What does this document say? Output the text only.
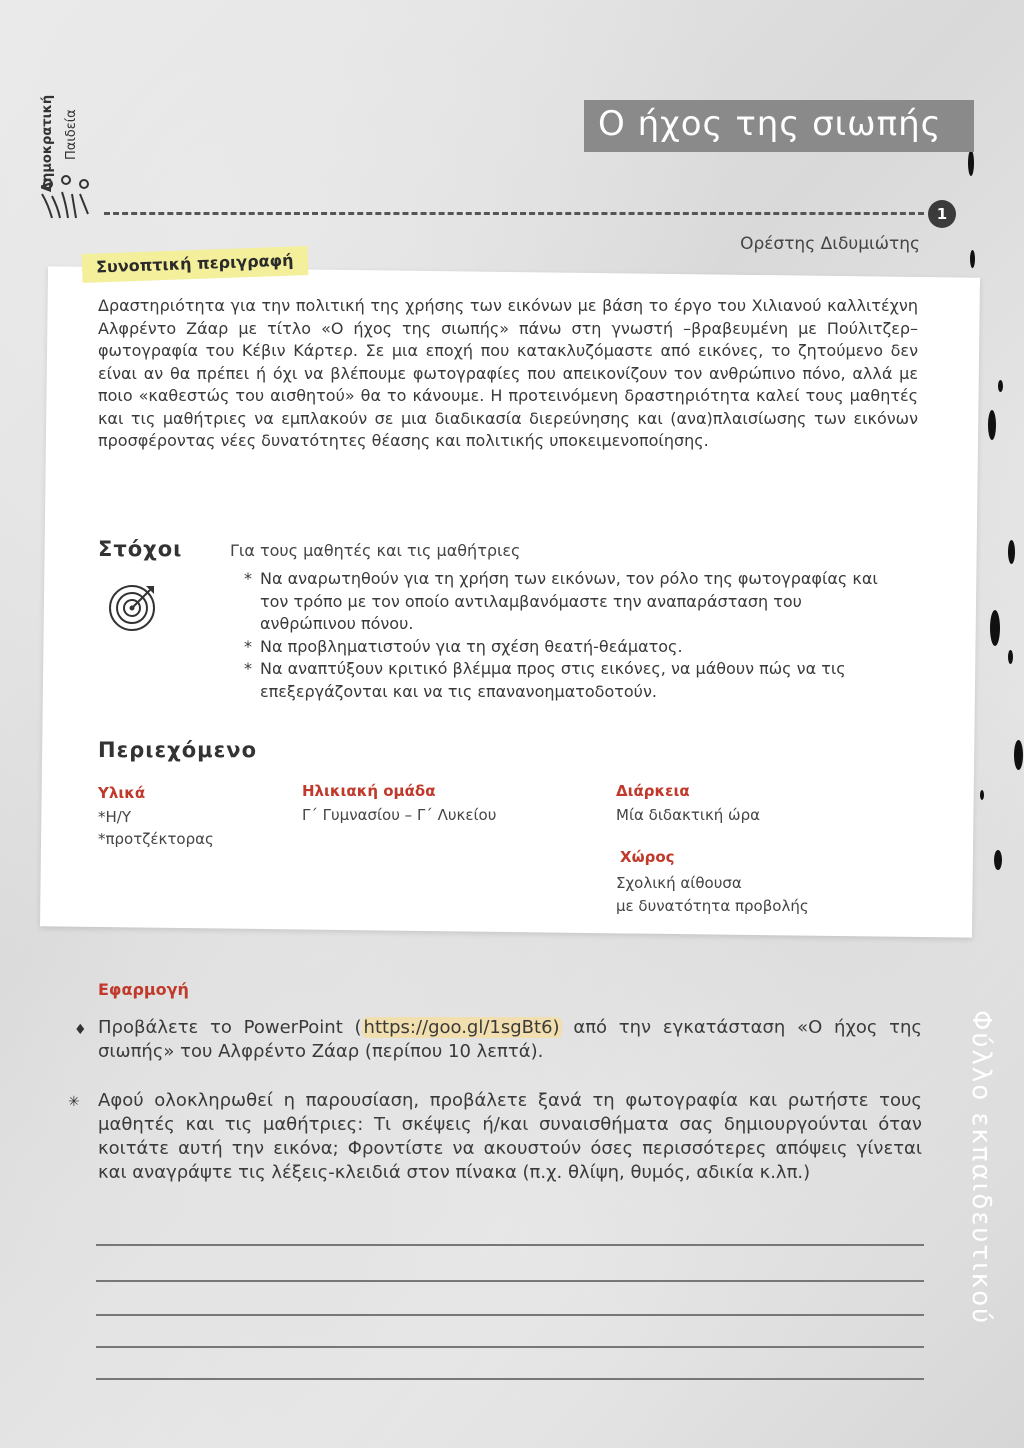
Δημοκρατική Παιδεία	Ο ήχος της σιωπής
1
Ορέστης Διδυμιώτης
Συνοπτική περιγραφή
Δραστηριότητα για την πολιτική της χρήσης των εικόνων με βάση το έργο του Χιλιανού καλλιτέχνη Αλφρέντο Ζάαρ με τίτλο «Ο ήχος της σιωπής» πάνω στη γνωστή –βραβευμένη με Πούλιτζερ– φωτογραφία του Κέβιν Κάρτερ. Σε μια εποχή που κατακλυζόμαστε από εικόνες, το ζητούμενο δεν είναι αν θα πρέπει ή όχι να βλέπουμε φωτογραφίες που απεικονίζουν τον ανθρώπινο πόνο, αλλά με ποιο «καθεστώς του αισθητού» θα το κάνουμε. Η προτεινόμενη δραστηριότητα καλεί τους μαθητές και τις μαθήτριες να εμπλακούν σε μια διαδικασία διερεύνησης και (ανα)πλαισίωσης των εικόνων προσφέροντας νέες δυνατότητες θέασης και πολιτικής υποκειμενοποίησης.
Στόχοι	Για τους μαθητές και τις μαθήτριες
* Να αναρωτηθούν για τη χρήση των εικόνων, τον ρόλο της φωτογραφίας και τον τρόπο με τον οποίο αντιλαμβανόμαστε την αναπαράσταση του ανθρώπινου πόνου.
* Να προβληματιστούν για τη σχέση θεατή-θεάματος.
* Να αναπτύξουν κριτικό βλέμμα προς στις εικόνες, να μάθουν πώς να τις επεξεργάζονται και να τις επανανοηματοδοτούν.
Περιεχόμενο
Υλικά
*Η/Υ
*προτζέκτορας
Ηλικιακή ομάδα
Γ΄ Γυμνασίου – Γ΄ Λυκείου
Διάρκεια
Μία διδακτική ώρα
Χώρος
Σχολική αίθουσα
με δυνατότητα προβολής
Εφαρμογή
♦ Προβάλετε το PowerPoint ( https://goo.gl/1sgBt6) από την εγκατάσταση «Ο ήχος της σιωπής» του Αλφρέντο Ζάαρ (περίπου 10 λεπτά).
✳ Αφού ολοκληρωθεί η παρουσίαση, προβάλετε ξανά τη φωτογραφία και ρωτήστε τους μαθητές και τις μαθήτριες: Τι σκέψεις ή/και συναισθήματα σας δημιουργούνται όταν κοιτάτε αυτή την εικόνα; Φροντίστε να ακουστούν όσες περισσότερες απόψεις γίνεται και αναγράψτε τις λέξεις-κλειδιά στον πίνακα (π.χ. θλίψη, θυμός, αδικία κ.λπ.)	Φύλλο εκπαιδευτικού
